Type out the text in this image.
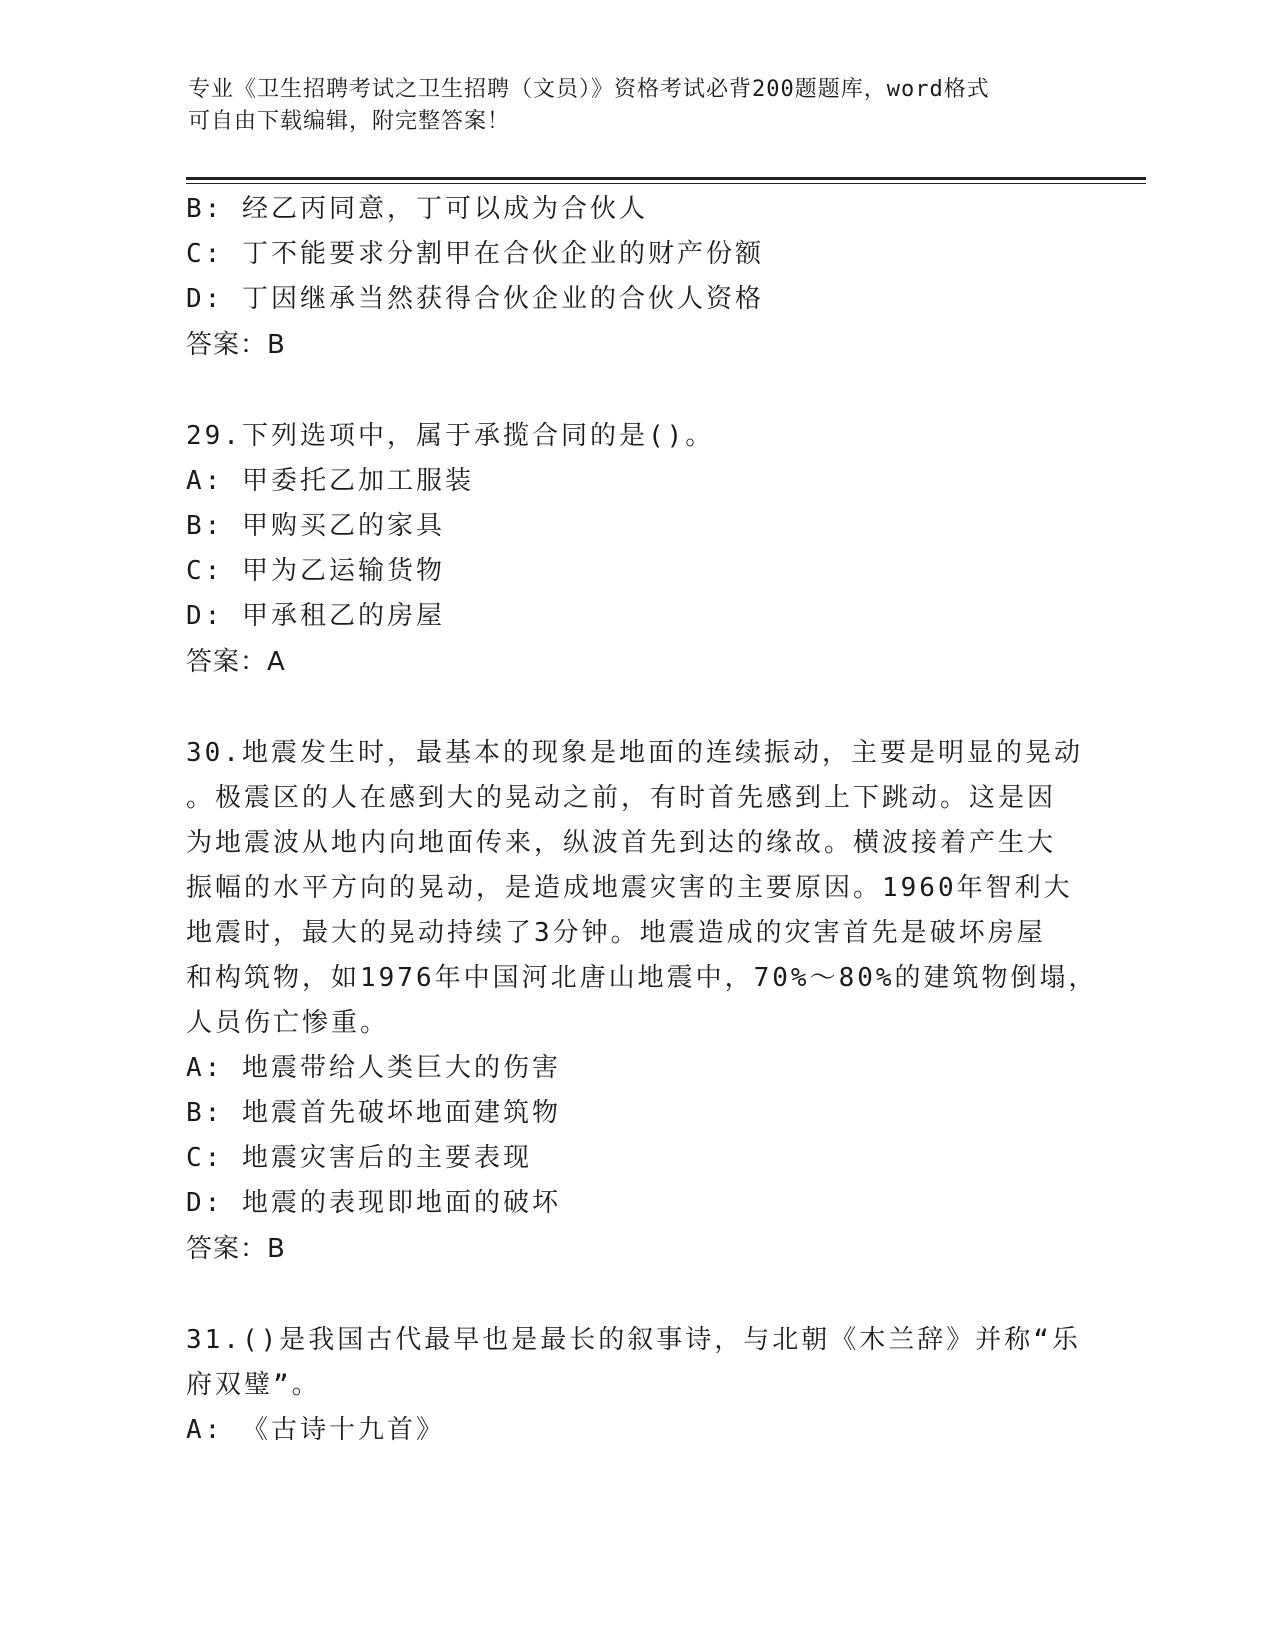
专业《卫生招聘考试之卫生招聘（文员）》资格考试必背200题题库，word格式
可自由下载编辑，附完整答案！
B: 经乙丙同意，丁可以成为合伙人
C: 丁不能要求分割甲在合伙企业的财产份额
D: 丁因继承当然获得合伙企业的合伙人资格
答案：B
29.下列选项中，属于承揽合同的是()。
A: 甲委托乙加工服装
B: 甲购买乙的家具
C: 甲为乙运输货物
D: 甲承租乙的房屋
答案：A
30.地震发生时，最基本的现象是地面的连续振动，主要是明显的晃动
。极震区的人在感到大的晃动之前，有时首先感到上下跳动。这是因
为地震波从地内向地面传来，纵波首先到达的缘故。横波接着产生大
振幅的水平方向的晃动，是造成地震灾害的主要原因。1960年智利大
地震时，最大的晃动持续了3分钟。地震造成的灾害首先是破坏房屋
和构筑物，如1976年中国河北唐山地震中，70%～80%的建筑物倒塌，
人员伤亡惨重。
A: 地震带给人类巨大的伤害
B: 地震首先破坏地面建筑物
C: 地震灾害后的主要表现
D: 地震的表现即地面的破坏
答案：B
31.()是我国古代最早也是最长的叙事诗，与北朝《木兰辞》并称“乐
府双璧”。
A: 《古诗十九首》
